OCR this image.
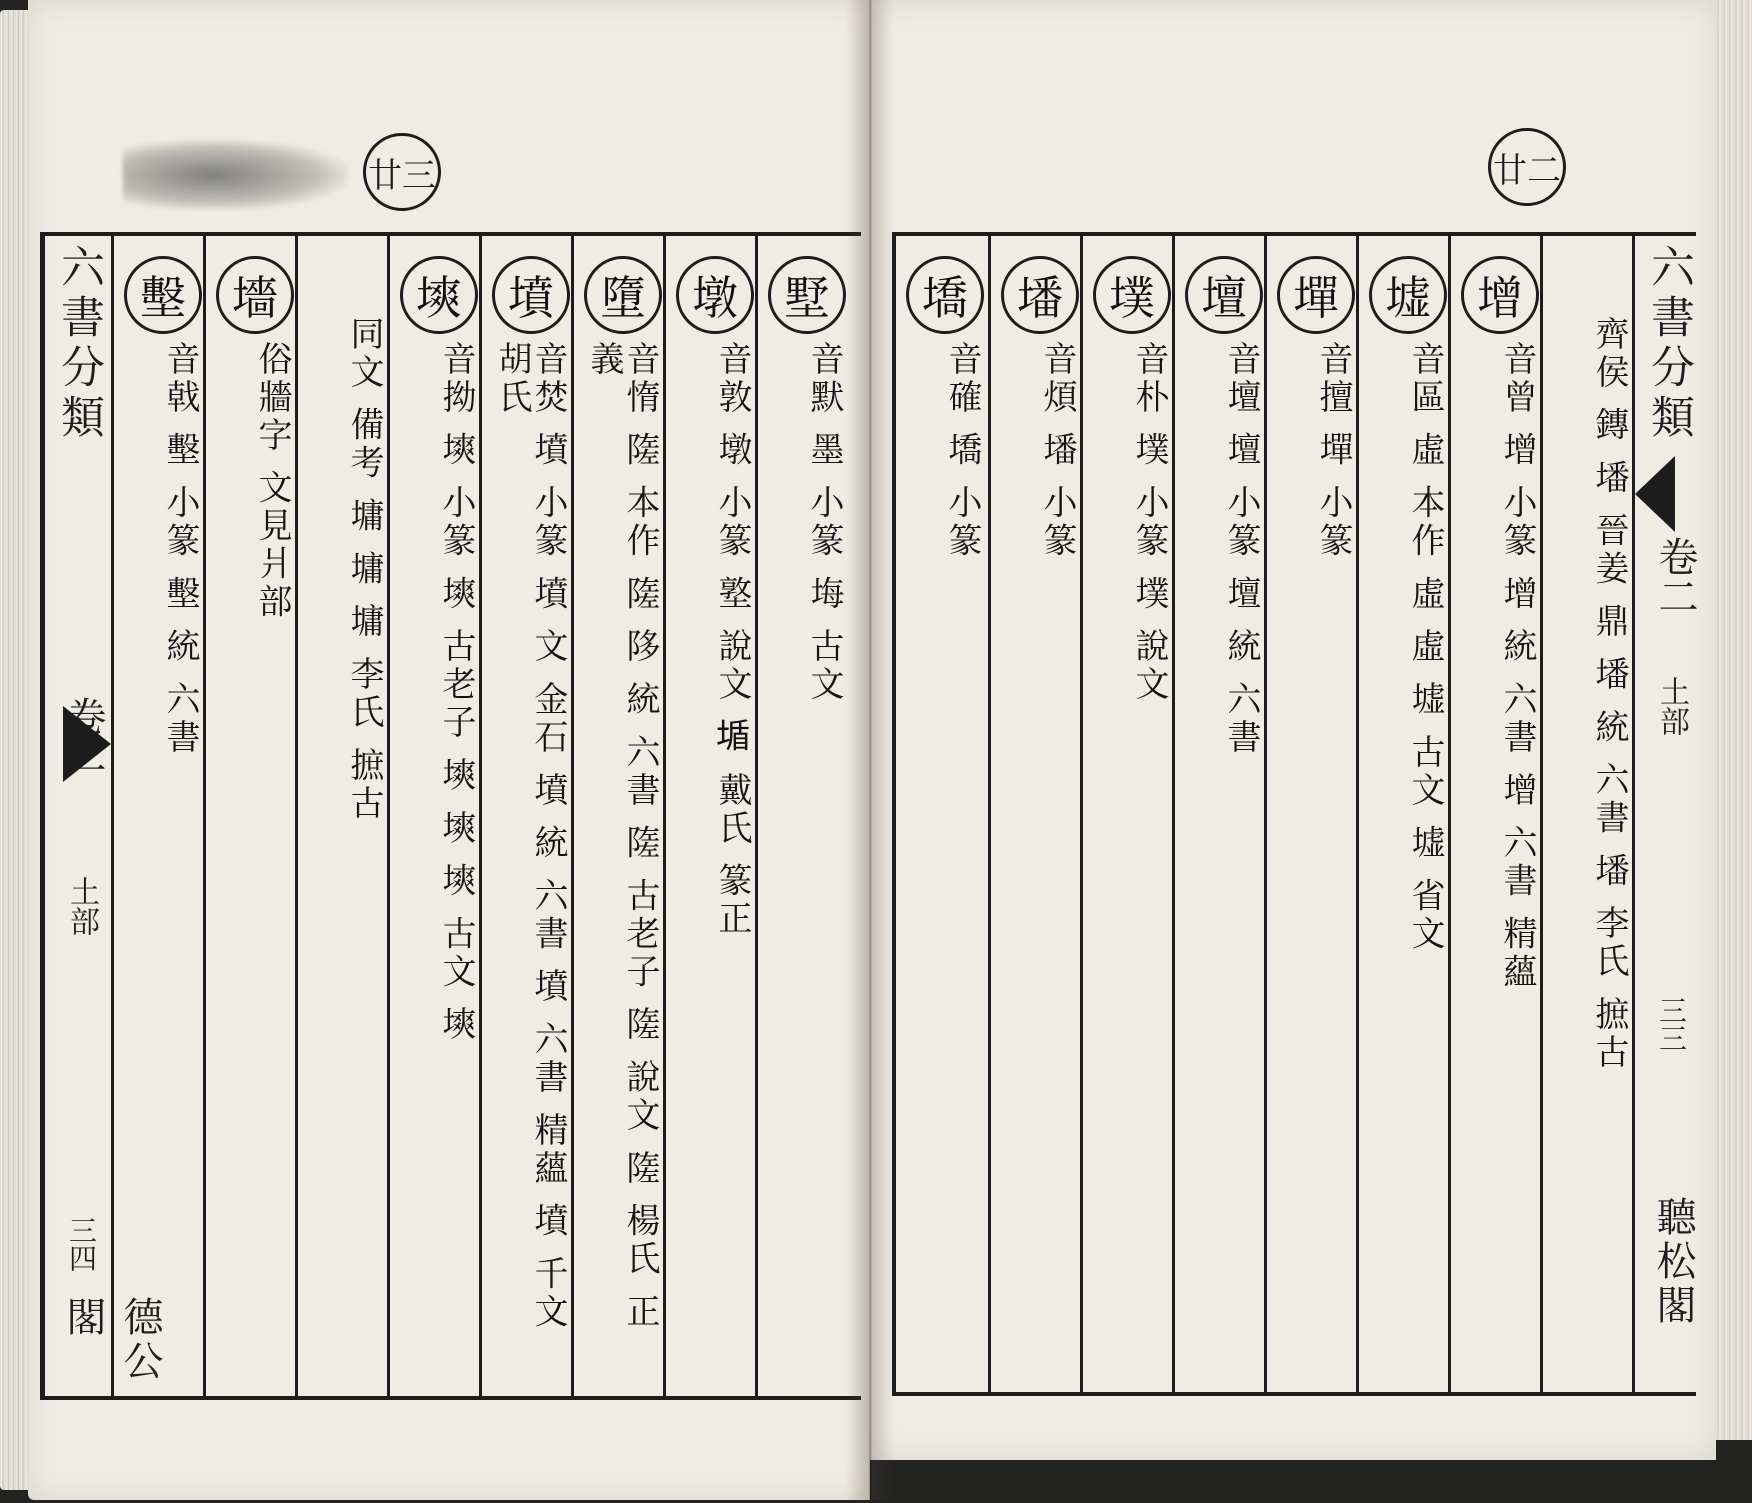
廿三
六書分類
卷二
土部
三四
德公閣
墼
音戟 墼 小篆 墼 統 六書
墻
俗牆字 文見爿部	同文 備考 墉 墉 墉 李氏 摭古
塽
音拗 塽 小篆 塽 古老子 塽 塽 塽 古文 塽
墳
音焚 墳 小篆 墳 文 金石 墳 統 六書 墳 六書 精蘊 墳 千文 胡氏
墮
音惰 隓 本作 隓 陊 統 六書 隓 古老子 隓 說文 隓 楊氏 正義
墩
音敦 墩 小篆 墪 說文 𡎆 戴氏 篆正
墅
音默 墨 小篆 㙁 古文
廿二
墧
音確 墧 小篆
墦
音煩 墦 小篆
墣
音朴 墣 小篆 墣 說文
壇
音壇 壇 小篆 壇 統 六書
墠
音擅 墠 小篆
墟
音區 虛 本作 虛 虛 墟 古文 墟 省文
增
音曾 增 小篆 增 統 六書 增 六書 精蘊	齊侯 鏄 墦 晉姜 鼎 墦 統 六書 墦 李氏 摭古 六書分類
卷二
土部
三三
聽松閣
